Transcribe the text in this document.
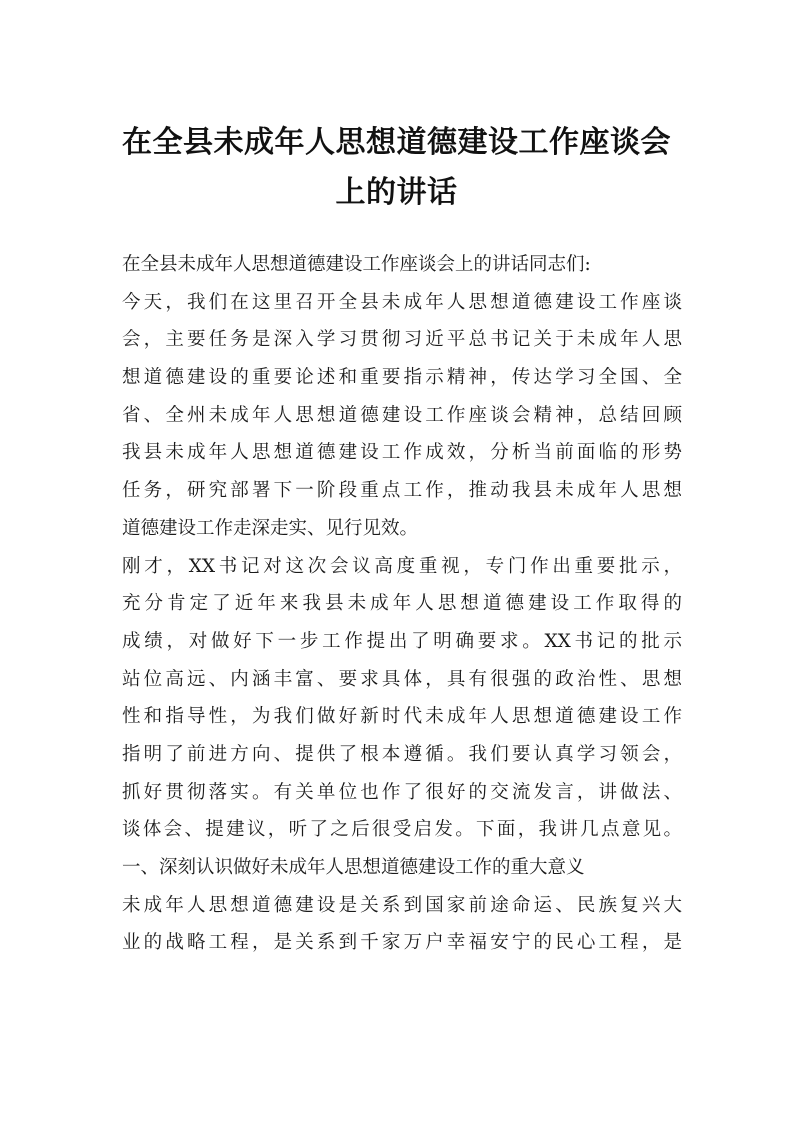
在全县未成年人思想道德建设工作座谈会
上的讲话
在全县未成年人思想道德建设工作座谈会上的讲话同志们:
今天，我们在这里召开全县未成年人思想道德建设工作座谈
会，主要任务是深入学习贯彻习近平总书记关于未成年人思
想道德建设的重要论述和重要指示精神，传达学习全国、全
省、全州未成年人思想道德建设工作座谈会精神，总结回顾
我县未成年人思想道德建设工作成效，分析当前面临的形势
任务，研究部署下一阶段重点工作，推动我县未成年人思想
道德建设工作走深走实、见行见效。
刚才，XX书记对这次会议高度重视，专门作出重要批示，
充分肯定了近年来我县未成年人思想道德建设工作取得的
成绩，对做好下一步工作提出了明确要求。XX书记的批示
站位高远、内涵丰富、要求具体，具有很强的政治性、思想
性和指导性，为我们做好新时代未成年人思想道德建设工作
指明了前进方向、提供了根本遵循。我们要认真学习领会，
抓好贯彻落实。有关单位也作了很好的交流发言，讲做法、
谈体会、提建议，听了之后很受启发。下面，我讲几点意见。
一、深刻认识做好未成年人思想道德建设工作的重大意义
未成年人思想道德建设是关系到国家前途命运、民族复兴大
业的战略工程，是关系到千家万户幸福安宁的民心工程，是
